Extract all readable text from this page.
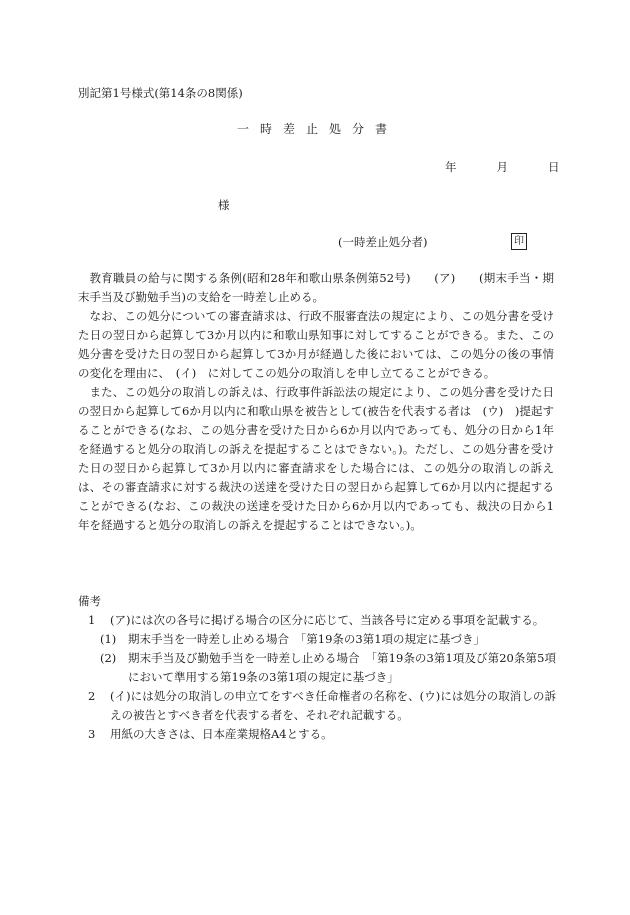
別記第1号様式(第14条の8関係)
一時差止処分書
年	月	日
様
(一時差止処分者)	印

教育職員の給与に関する条例(昭和28年和歌山県条例第52号)　　(ア)　　(期末手当・期末手当及び勤勉手当)の支給を一時差し止める。

なお、この処分についての審査請求は、行政不服審査法の規定により、この処分書を受けた日の翌日から起算して3か月以内に和歌山県知事に対してすることができる。また、この処分書を受けた日の翌日から起算して3か月が経過した後においては、この処分の後の事情の変化を理由に、　(イ)　に対してこの処分の取消しを申し立てることができる。

また、この処分の取消しの訴えは、行政事件訴訟法の規定により、この処分書を受けた日の翌日から起算して6か月以内に和歌山県を被告として(被告を代表する者は　(ウ)　)提起することができる(なお、この処分書を受けた日から6か月以内であっても、処分の日から1年を経過すると処分の取消しの訴えを提起することはできない。)。ただし、この処分書を受けた日の翌日から起算して3か月以内に審査請求をした場合には、この処分の取消しの訴えは、その審査請求に対する裁決の送達を受けた日の翌日から起算して6か月以内に提起することができる(なお、この裁決の送達を受けた日から6か月以内であっても、裁決の日から1年を経過すると処分の取消しの訴えを提起することはできない。)。

備考

1 (ア)には次の各号に掲げる場合の区分に応じて、当該各号に定める事項を記載する。
(1) 期末手当を一時差し止める場合　「第19条の3第1項の規定に基づき」
(2) 期末手当及び勤勉手当を一時差し止める場合　「第19条の3第1項及び第20条第5項において準用する第19条の3第1項の規定に基づき」
2 (イ)には処分の取消しの申立てをすべき任命権者の名称を、(ウ)には処分の取消しの訴えの被告とすべき者を代表する者を、それぞれ記載する。
3 用紙の大きさは、日本産業規格A4とする。
